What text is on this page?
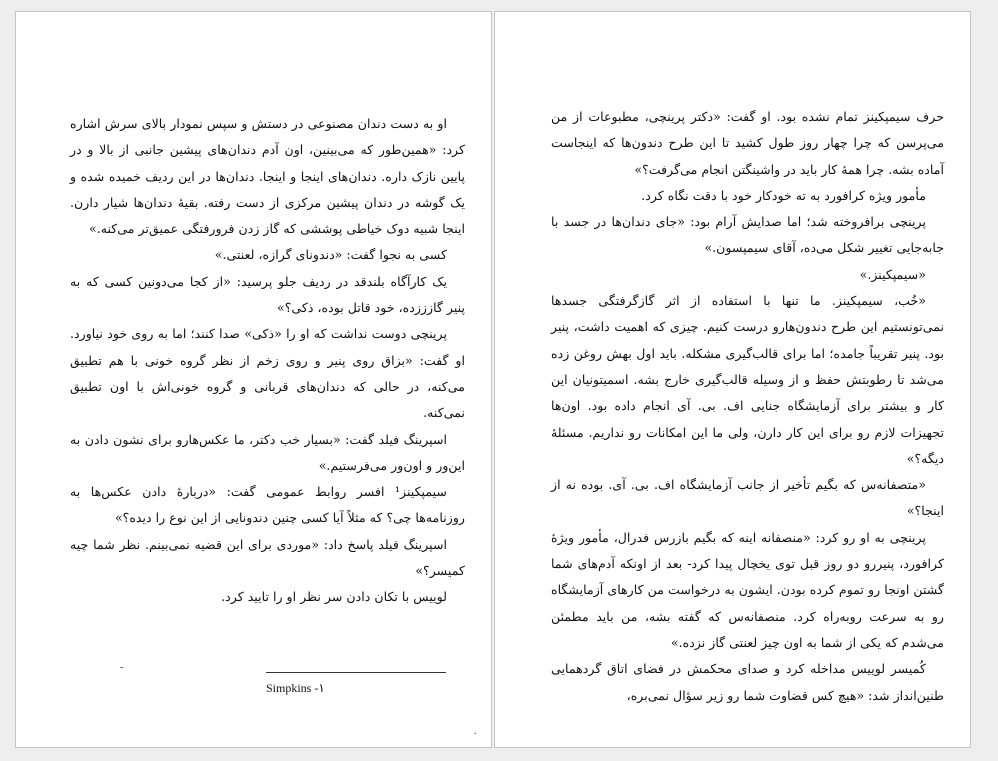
او به دست دندان مصنوعی در دستش و سپس نمودار بالای سرش اشاره کرد: «همین‌طور که می‌بینین، اون آدم دندان‌های پیشین جانبی از بالا و در پایین نازک داره. دندان‌های اینجا و اینجا. دندان‌ها در این ردیف خمیده شده و یک گوشه در دندان پیشین مرکزی از دست رفته. بقیهٔ دندان‌ها شیار دارن. اینجا شبیه دوک خیاطی پوششی که گاز زدن فرورفتگی عمیق‌تر می‌کنه.»

کسی به نجوا گفت: «دندونای گرازه، لعنتی.»

یک کارآگاه بلندقد در ردیف جلو پرسید: «از کجا می‌دونین کسی که به پنیر گازززده، خود قاتل بوده، ذکی؟»

پرینچی دوست نداشت که او را «ذکی» صدا کنند؛ اما به روی خود نیاورد. او گفت: «بزاق روی پنیر و روی زخم از نظر گروه خونی با هم تطبیق می‌کنه، در حالی که دندان‌های قربانی و گروه خونی‌اش با اون تطبیق نمی‌کنه.

اسپرینگ فیلد گفت: «بسیار خب دکتر، ما عکس‌هارو برای نشون دادن به این‌ور و اون‌ور می‌فرستیم.»

سیمپکینز¹ افسر روابط عمومی گفت: «دربارهٔ دادن عکس‌ها به روزنامه‌ها چی؟ که مثلاً آیا کسی چنین دندونایی از این نوع را دیده؟»

اسپرینگ فیلد پاسخ داد: «موردی برای این قضیه نمی‌بینم. نظر شما چیه کمیسر؟»

لوییس با تکان دادن سر نظر او را تایید کرد.

-
Simpkins -۱
.

حرف سیمپکینز تمام نشده بود. او گفت: «دکتر پرینچی، مطبوعات از من می‌پرسن که چرا چهار روز طول کشید تا این طرح دندون‌ها که اینجاست آماده بشه. چرا همهٔ کار باید در واشینگتن انجام می‌گرفت؟»

مأمور ویژه کرافورد به ته خودکار خود با دقت نگاه کرد.

پرینچی برافروخته شد؛ اما صدایش آرام بود: «جای دندان‌ها در جسد با جابه‌جایی تغییر شکل می‌ده، آقای سیمپسون.»

«سیمپکینز.»

«خُب، سیمپکینز. ما تنها با استفاده از اثر گازگرفتگی جسدها نمی‌تونستیم این طرح دندون‌هارو درست کنیم. چیزی که اهمیت داشت، پنیر بود. پنیر تقریباً جامده؛ اما برای قالب‌گیری مشکله. باید اول بهش روغن زده می‌شد تا رطوبتش حفظ و از وسیله قالب‌گیری خارج بشه. اسمیتونیان این کار و بیشتر برای آزمایشگاه جنایی اف. بی. آی انجام داده بود. اون‌ها تجهیزات لازم رو برای این کار دارن، ولی ما این امکانات رو نداریم. مسئلهٔ دیگه؟»

«متصفانه‌س که بگیم تأخیر از جانب آزمایشگاه اف. بی. آی. بوده نه از اینجا؟»

پرینچی به او رو کرد: «منصفانه اینه که بگیم بازرس فدرال، مأمور ویژهٔ کرافورد، پنیررو دو روز قبل توی یخچال پیدا کرد- بعد از اونکه آدم‌های شما گشتن اونجا رو تموم کرده بودن. ایشون به درخواست من کارهای آزمایشگاه رو به سرعت روبه‌راه کرد. منصفانه‌س که گفته بشه، من باید مطمئن می‌شدم که یکی از شما به اون چیز لعنتی گاز نزده.»

کُمیسر لوییس مداخله کرد و صدای محکمش در فضای اتاق گردهمایی طنین‌انداز شد: «هیچ کس قضاوت شما رو زیر سؤال نمی‌بره،
